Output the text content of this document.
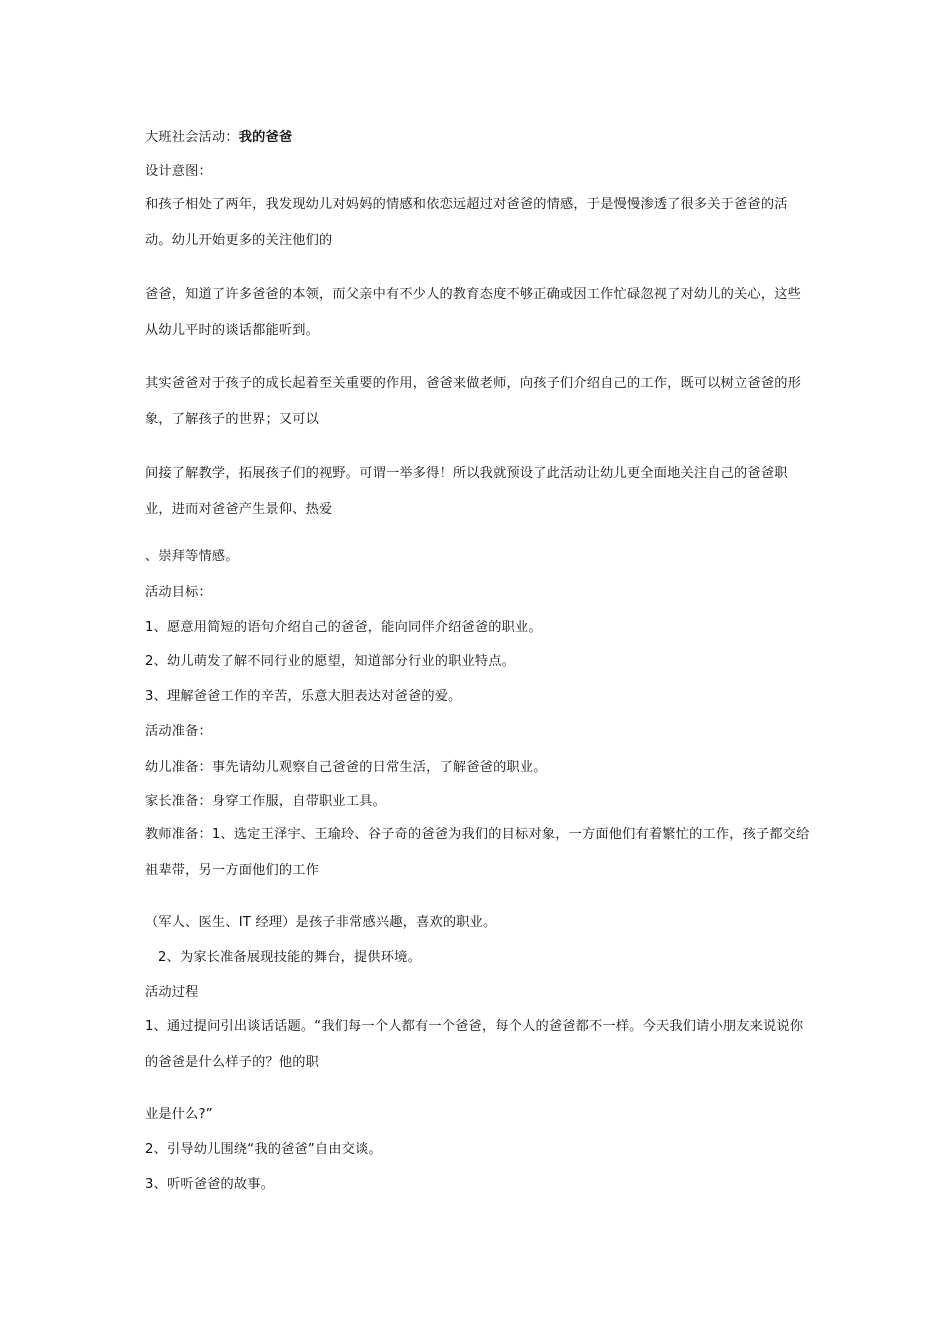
大班社会活动：我的爸爸
设计意图：
和孩子相处了两年，我发现幼儿对妈妈的情感和依恋远超过对爸爸的情感，于是慢慢渗透了很多关于爸爸的活动。幼儿开始更多的关注他们的
爸爸，知道了许多爸爸的本领，而父亲中有不少人的教育态度不够正确或因工作忙碌忽视了对幼儿的关心，这些从幼儿平时的谈话都能听到。
其实爸爸对于孩子的成长起着至关重要的作用，爸爸来做老师，向孩子们介绍自己的工作，既可以树立爸爸的形象，了解孩子的世界；又可以
间接了解教学，拓展孩子们的视野。可谓一举多得！所以我就预设了此活动让幼儿更全面地关注自己的爸爸职业，进而对爸爸产生景仰、热爱
、崇拜等情感。
活动目标：
1、愿意用简短的语句介绍自己的爸爸，能向同伴介绍爸爸的职业。
2、幼儿萌发了解不同行业的愿望，知道部分行业的职业特点。
3、理解爸爸工作的辛苦，乐意大胆表达对爸爸的爱。
活动准备：
幼儿准备：事先请幼儿观察自己爸爸的日常生活，了解爸爸的职业。
家长准备：身穿工作服，自带职业工具。
教师准备：1、选定王泽宇、王瑜玲、谷子奇的爸爸为我们的目标对象，一方面他们有着繁忙的工作，孩子都交给祖辈带，另一方面他们的工作
（军人、医生、IT 经理）是孩子非常感兴趣，喜欢的职业。
2、为家长准备展现技能的舞台，提供环境。
活动过程
1、通过提问引出谈话话题。“我们每一个人都有一个爸爸，每个人的爸爸都不一样。今天我们请小朋友来说说你的爸爸是什么样子的？他的职
业是什么?”
2、引导幼儿围绕“我的爸爸”自由交谈。
3、听听爸爸的故事。
